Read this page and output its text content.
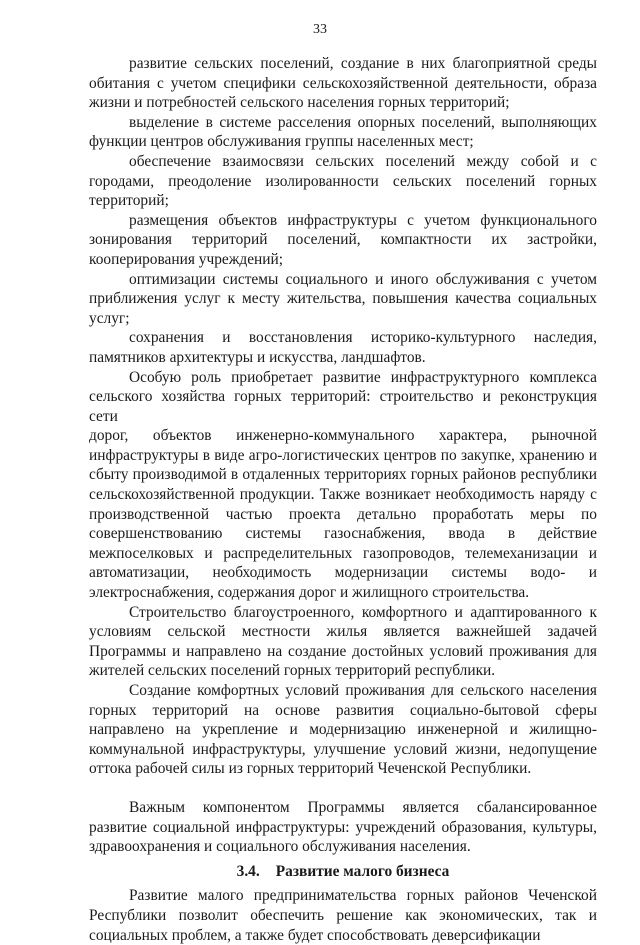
33

развитие сельских поселений, создание в них благоприятной среды обитания с учетом специфики сельскохозяйственной деятельности, образа жизни и потребностей сельского населения горных территорий;

выделение в системе расселения опорных поселений, выполняющих функции центров обслуживания группы населенных мест;

обеспечение взаимосвязи сельских поселений между собой и с городами, преодоление изолированности сельских поселений горных территорий;

размещения объектов инфраструктуры с учетом функционального зонирования территорий поселений, компактности их застройки, кооперирования учреждений;

оптимизации системы социального и иного обслуживания с учетом приближения услуг к месту жительства, повышения качества социальных услуг;

сохранения и восстановления историко-культурного наследия, памятников архитектуры и искусства, ландшафтов.

Особую роль приобретает развитие инфраструктурного комплекса
сельского хозяйства горных территорий: строительство и реконструкция сети
дорог, объектов инженерно-коммунального характера, рыночной
инфраструктуры в виде агро-логистических центров по закупке, хранению и
сбыту производимой в отдаленных территориях горных районов республики
сельскохозяйственной продукции. Также возникает необходимость наряду с
производственной частью проекта детально проработать меры по
совершенствованию системы газоснабжения, ввода в действие
межпоселковых и распределительных газопроводов, телемеханизации и автоматизации, необходимость модернизации системы водо- и электроснабжения, содержания дорог и жилищного строительства.

Строительство благоустроенного, комфортного и адаптированного к условиям сельской местности жилья является важнейшей задачей Программы и направлено на создание достойных условий проживания для жителей сельских поселений горных территорий республики.

Создание комфортных условий проживания для сельского населения горных территорий на основе развития социально-бытовой сферы направлено на укрепление и модернизацию инженерной и жилищно-коммунальной инфраструктуры, улучшение условий жизни, недопущение оттока рабочей силы из горных территорий Чеченской Республики.

Важным компонентом Программы является сбалансированное развитие социальной инфраструктуры: учреждений образования, культуры, здравоохранения и социального обслуживания населения.

3.4. Развитие малого бизнеса

Развитие малого предпринимательства горных районов Чеченской Республики позволит обеспечить решение как экономических, так и социальных проблем, а также будет способствовать деверсификации
